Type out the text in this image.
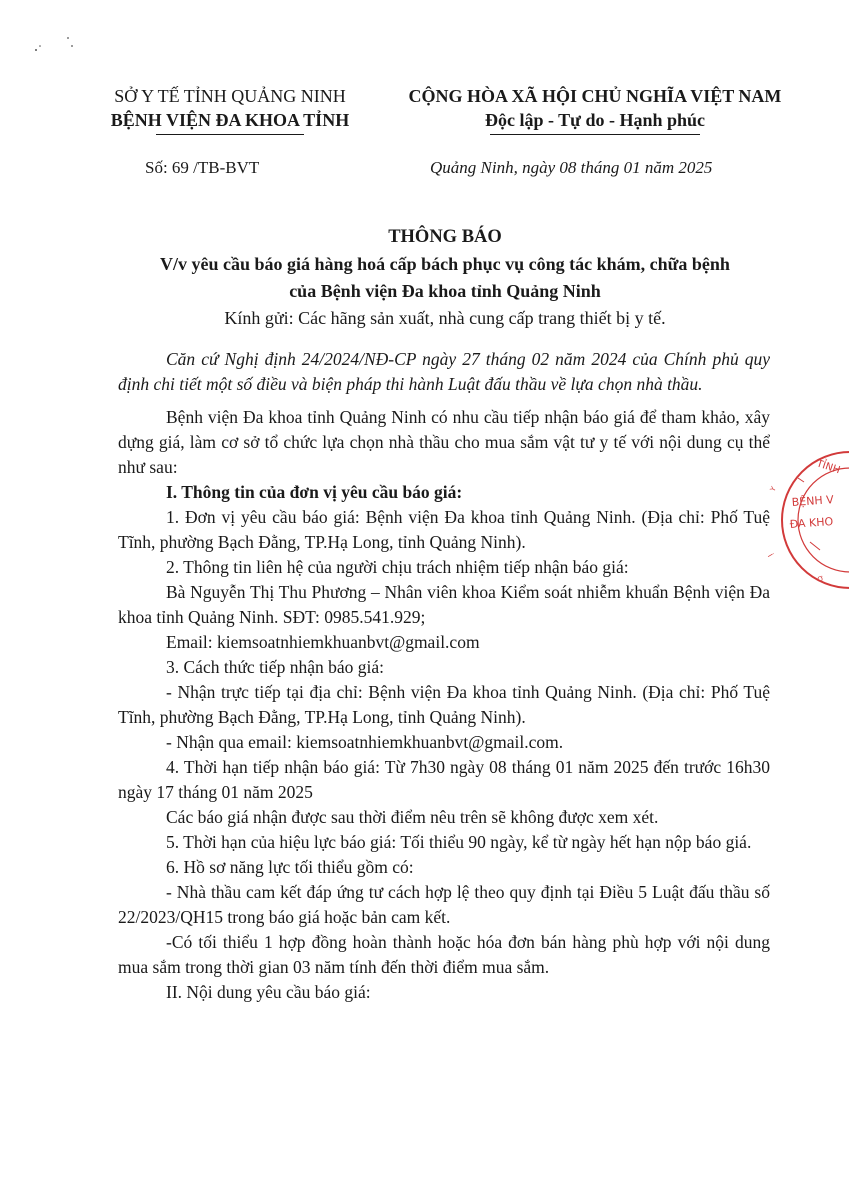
SỞ Y TẾ TỈNH QUẢNG NINH
BỆNH VIỆN ĐA KHOA TỈNH
CỘNG HÒA XÃ HỘI CHỦ NGHĨA VIỆT NAM
Độc lập - Tự do - Hạnh phúc
Số: 69 /TB-BVT	Quảng Ninh, ngày 08 tháng 01 năm 2025
THÔNG BÁO
V/v yêu cầu báo giá hàng hoá cấp bách phục vụ công tác khám, chữa bệnh
của Bệnh viện Đa khoa tỉnh Quảng Ninh
Kính gửi: Các hãng sản xuất, nhà cung cấp trang thiết bị y tế.

Căn cứ Nghị định 24/2024/NĐ-CP ngày 27 tháng 02 năm 2024 của Chính phủ quy định chi tiết một số điều và biện pháp thi hành Luật đấu thầu về lựa chọn nhà thầu.

Bệnh viện Đa khoa tỉnh Quảng Ninh có nhu cầu tiếp nhận báo giá để tham khảo, xây dựng giá, làm cơ sở tổ chức lựa chọn nhà thầu cho mua sắm vật tư y tế với nội dung cụ thể như sau:

I. Thông tin của đơn vị yêu cầu báo giá:

1. Đơn vị yêu cầu báo giá: Bệnh viện Đa khoa tỉnh Quảng Ninh. (Địa chỉ: Phố Tuệ Tĩnh, phường Bạch Đằng, TP.Hạ Long, tỉnh Quảng Ninh).

2. Thông tin liên hệ của người chịu trách nhiệm tiếp nhận báo giá:

Bà Nguyễn Thị Thu Phương – Nhân viên khoa Kiểm soát nhiễm khuẩn Bệnh viện Đa khoa tỉnh Quảng Ninh. SĐT: 0985.541.929;

Email: kiemsoatnhiemkhuanbvt@gmail.com

3. Cách thức tiếp nhận báo giá:

- Nhận trực tiếp tại địa chỉ: Bệnh viện Đa khoa tỉnh Quảng Ninh. (Địa chỉ: Phố Tuệ Tĩnh, phường Bạch Đằng, TP.Hạ Long, tỉnh Quảng Ninh).

- Nhận qua email: kiemsoatnhiemkhuanbvt@gmail.com.

4. Thời hạn tiếp nhận báo giá: Từ 7h30 ngày 08 tháng 01 năm 2025 đến trước 16h30 ngày 17 tháng 01 năm 2025

Các báo giá nhận được sau thời điểm nêu trên sẽ không được xem xét.

5. Thời hạn của hiệu lực báo giá: Tối thiểu 90 ngày, kể từ ngày hết hạn nộp báo giá.

6. Hồ sơ năng lực tối thiểu gồm có:

- Nhà thầu cam kết đáp ứng tư cách hợp lệ theo quy định tại Điều 5 Luật đấu thầu số 22/2023/QH15 trong báo giá hoặc bản cam kết.

-Có tối thiểu 1 hợp đồng hoàn thành hoặc hóa đơn bán hàng phù hợp với nội dung mua sắm trong thời gian 03 năm tính đến thời điểm mua sắm.

II. Nội dung yêu cầu báo giá:

TỈNH
BỆNH V
ĐA KHO
Y
Ị
Ơ
